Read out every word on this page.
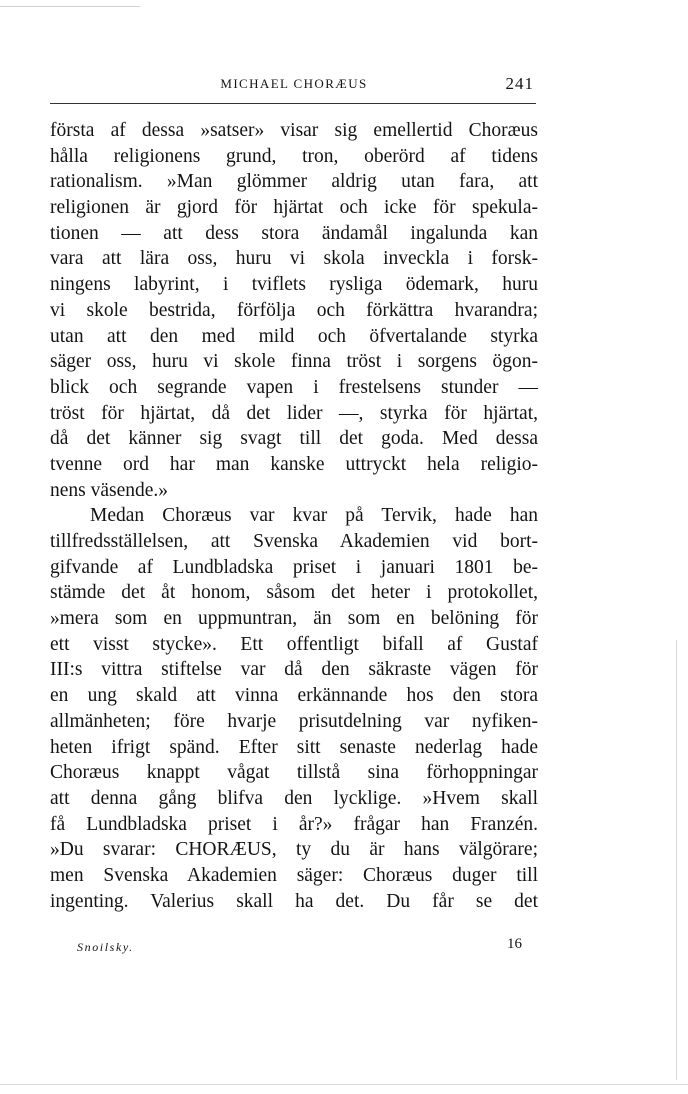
MICHAEL CHORÆUS	241
första af dessa »satser» visar sig emellertid Choræus
hålla religionens grund, tron, oberörd af tidens
rationalism. »Man glömmer aldrig utan fara, att
religionen är gjord för hjärtat och icke för spekula-
tionen — att dess stora ändamål ingalunda kan
vara att lära oss, huru vi skola inveckla i forsk-
ningens labyrint, i tviflets rysliga ödemark, huru
vi skole bestrida, förfölja och förkättra hvarandra;
utan att den med mild och öfvertalande styrka
säger oss, huru vi skole finna tröst i sorgens ögon-
blick och segrande vapen i frestelsens stunder —
tröst för hjärtat, då det lider —, styrka för hjärtat,
då det känner sig svagt till det goda. Med dessa
tvenne ord har man kanske uttryckt hela religio-
nens väsende.»
Medan Choræus var kvar på Tervik, hade han
tillfredsställelsen, att Svenska Akademien vid bort-
gifvande af Lundbladska priset i januari 1801 be-
stämde det åt honom, såsom det heter i protokollet,
»mera som en uppmuntran, än som en belöning för
ett visst stycke». Ett offentligt bifall af Gustaf
III:s vittra stiftelse var då den säkraste vägen för
en ung skald att vinna erkännande hos den stora
allmänheten; före hvarje prisutdelning var nyfiken-
heten ifrigt spänd. Efter sitt senaste nederlag hade
Choræus knappt vågat tillstå sina förhoppningar
att denna gång blifva den lycklige. »Hvem skall
få Lundbladska priset i år?» frågar han Franzén.
»Du svarar: CHORÆUS, ty du är hans välgörare;
men Svenska Akademien säger: Choræus duger till
ingenting. Valerius skall ha det. Du får se det
Snoilsky.	16
